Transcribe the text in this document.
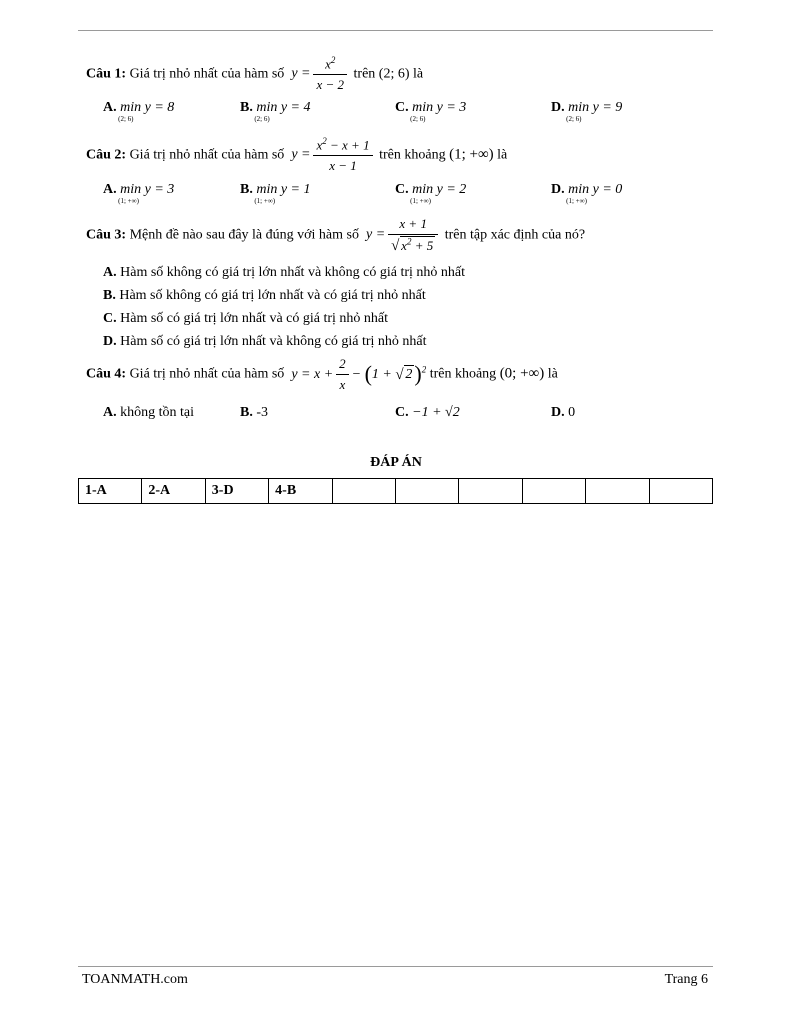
Câu 1: Giá trị nhỏ nhất của hàm số  $y = \frac{x^2}{x - 2}$ trên (2; 6) là
A. min
(2; 6)
y = 8	B. min
(2; 6)
y = 4	C. min
(2; 6)
y = 3	D. min
(2; 6)
y = 9
Câu 2: Giá trị nhỏ nhất của hàm số  $y = \frac{x^2 - x + 1}{x - 1}$ trên khoảng (1; +∞) là
A. min
(1; +∞)
y = 3	B. min
(1; +∞)
y = 1	C. min
(1; +∞)
y = 2	D. min
(1; +∞)
y = 0
Câu 3: Mệnh đề nào sau đây là đúng với hàm số  $y = \frac{x + 1}{√ x^2 + 5}$ trên tập xác định của nó?
A. Hàm số không có giá trị lớn nhất và không có giá trị nhỏ nhất
B. Hàm số không có giá trị lớn nhất và có giá trị nhỏ nhất
C. Hàm số có giá trị lớn nhất và có giá trị nhỏ nhất
D. Hàm số có giá trị lớn nhất và không có giá trị nhỏ nhất
Câu 4: Giá trị nhỏ nhất của hàm số  $y = x + \frac{2}{x} - (1$ + √ 2)$^2$ trên khoảng (0; +∞) là
A. không tồn tại	B. -3	C. −1 + √2	D. 0
ĐÁP ÁN
1-A	2-A	3-D	4-B						
TOANMATH.com	Trang 6
